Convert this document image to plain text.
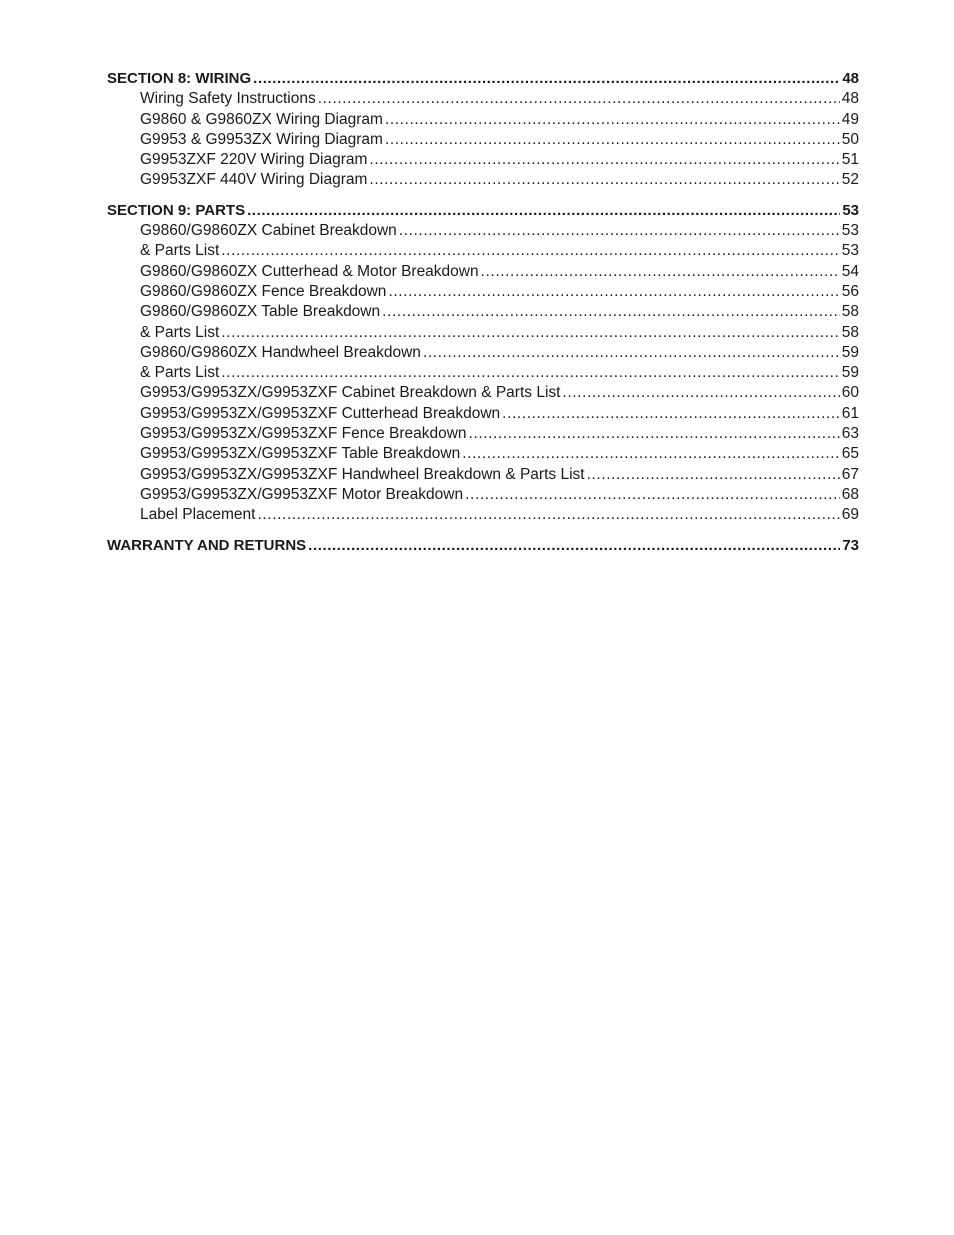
SECTION 8: WIRING .....	48
Wiring Safety Instructions .....	48
G9860 & G9860ZX Wiring Diagram .....	49
G9953 & G9953ZX Wiring Diagram .....	50
G9953ZXF 220V Wiring Diagram .....	51
G9953ZXF 440V Wiring Diagram .....	52
SECTION 9: PARTS .....	53
G9860/G9860ZX Cabinet Breakdown .....	53
& Parts List .....	53
G9860/G9860ZX Cutterhead & Motor Breakdown .....	54
G9860/G9860ZX Fence Breakdown .....	56
G9860/G9860ZX Table Breakdown .....	58
& Parts List .....	58
G9860/G9860ZX Handwheel Breakdown .....	59
& Parts List .....	59
G9953/G9953ZX/G9953ZXF Cabinet Breakdown & Parts List .....	60
G9953/G9953ZX/G9953ZXF Cutterhead Breakdown .....	61
G9953/G9953ZX/G9953ZXF Fence Breakdown .....	63
G9953/G9953ZX/G9953ZXF Table Breakdown .....	65
G9953/G9953ZX/G9953ZXF Handwheel Breakdown & Parts List .....	67
G9953/G9953ZX/G9953ZXF Motor Breakdown .....	68
Label Placement .....	69
WARRANTY AND RETURNS .....	73
